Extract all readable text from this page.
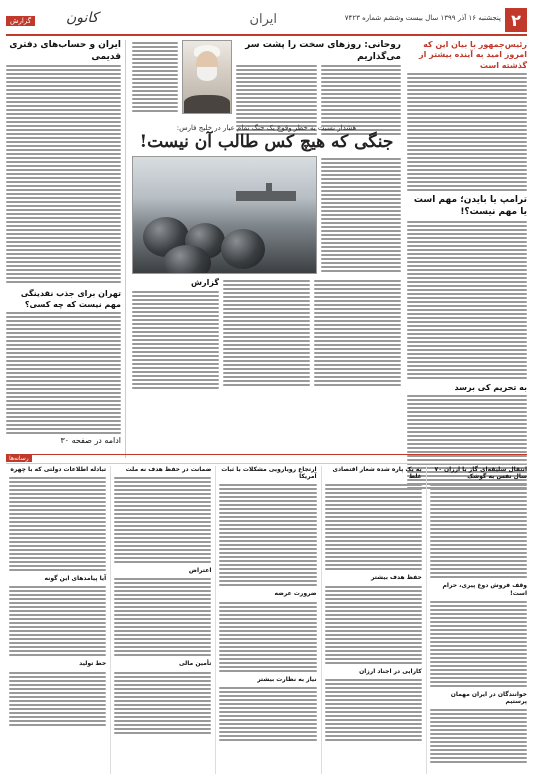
۲
پنجشنبه ۱۶ آذر ۱۳۹۹ سال بیست وششم شماره ۷۴۲۳
ایران
کانون
گزارش
رئیس‌جمهور با بیان این که امروز امید به آینده بیشتر از گذشته است
ترامپ یا بایدن؛ مهم است یا مهم نیست؟!
به تحریم کی برسد
روحانی: روزهای سخت را پشت سر می‌گذاریم
هشدار نسبت به خطر وقوع یک جنگ تمام عیار در خلیج فارس:
جنگی که هیچ کس طالب آن نیست!
گزارش
ایران و حساب‌های دفتری قدیمی
تهران برای جذب نقدینگی مهم نیست که چه کسی؟
ادامه در صفحه ۳۰
رسانه‌ها
انتقال سلیقه‌ای گاز با ارزان ۷۰ سال نفس به گوشک
وقف فروش دوغ پیری، حرام است!
خوانندگان در ایران مهمان پرستیم
به یک پاره شده شعار اقتصادی غلط
حفظ هدف بیشتر
کارایی در اجناد ارزان
ارتجاع رویارویی مشکلات با ثبات آمریکا
ضرورت عرضه
نیاز به نظارت بیشتر
ضمانت در حفظ هدف نه ملت
اعتراض
تأمین مالی
تبادله اطلاعات دولتی که با چهره
آیا پیامدهای این گونه
خط تولید
